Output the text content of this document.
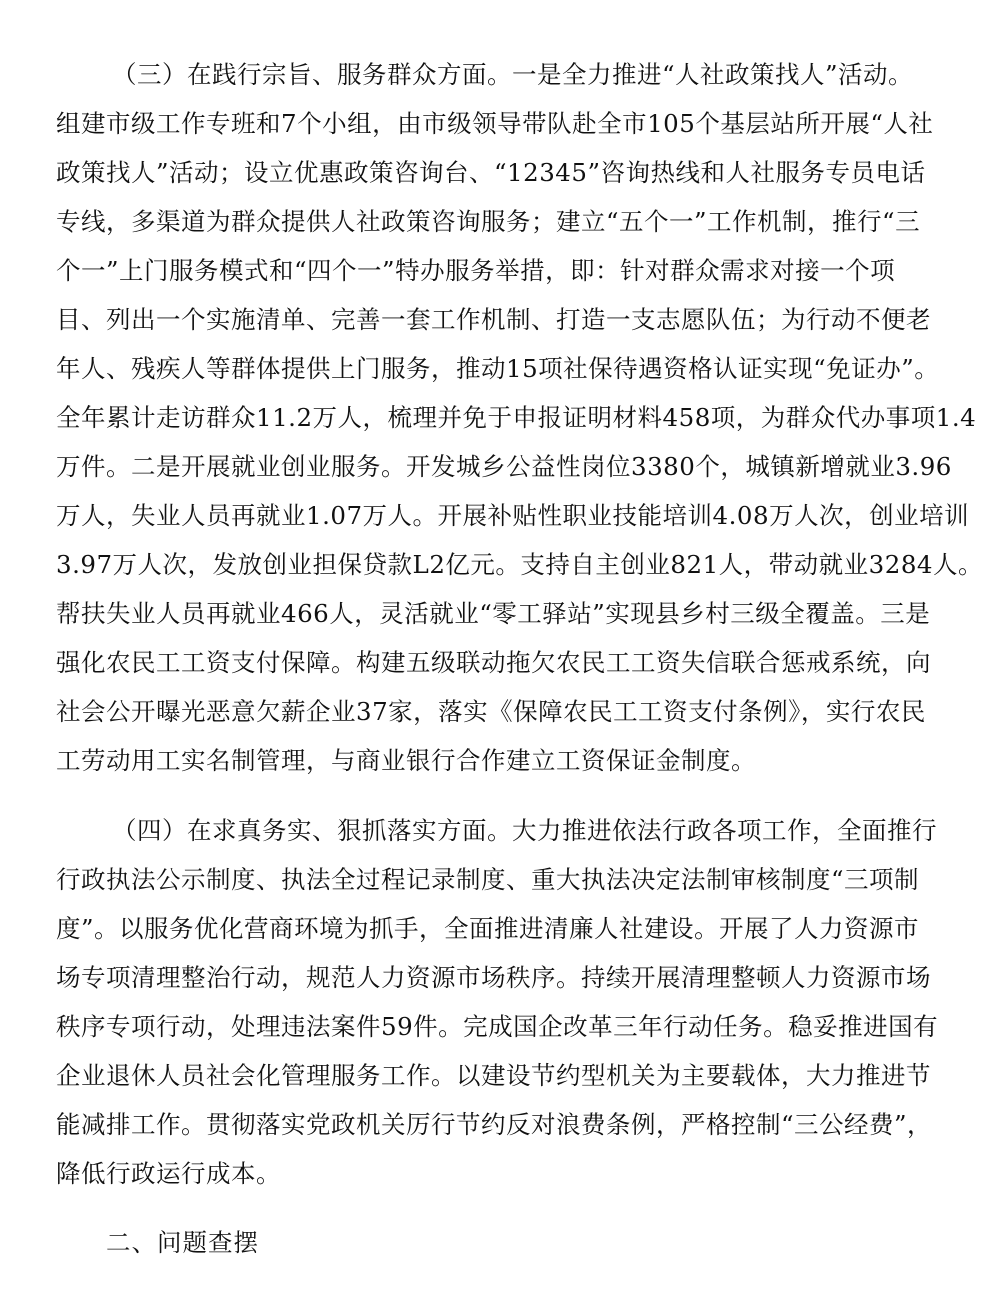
（三）在践行宗旨、服务群众方面。一是全力推进“人社政策找人”活动。
组建市级工作专班和7个小组，由市级领导带队赴全市105个基层站所开展“人社
政策找人”活动；设立优惠政策咨询台、“12345”咨询热线和人社服务专员电话
专线，多渠道为群众提供人社政策咨询服务；建立“五个一”工作机制，推行“三
个一”上门服务模式和“四个一”特办服务举措，即：针对群众需求对接一个项
目、列出一个实施清单、完善一套工作机制、打造一支志愿队伍；为行动不便老
年人、残疾人等群体提供上门服务，推动15项社保待遇资格认证实现“免证办”。
全年累计走访群众11.2万人，梳理并免于申报证明材料458项，为群众代办事项1.4
万件。二是开展就业创业服务。开发城乡公益性岗位3380个，城镇新增就业3.96
万人，失业人员再就业1.07万人。开展补贴性职业技能培训4.08万人次，创业培训
3.97万人次，发放创业担保贷款L2亿元。支持自主创业821人，带动就业3284人。
帮扶失业人员再就业466人，灵活就业“零工驿站”实现县乡村三级全覆盖。三是
强化农民工工资支付保障。构建五级联动拖欠农民工工资失信联合惩戒系统，向
社会公开曝光恶意欠薪企业37家，落实《保障农民工工资支付条例》，实行农民
工劳动用工实名制管理，与商业银行合作建立工资保证金制度。
（四）在求真务实、狠抓落实方面。大力推进依法行政各项工作，全面推行
行政执法公示制度、执法全过程记录制度、重大执法决定法制审核制度“三项制
度”。以服务优化营商环境为抓手，全面推进清廉人社建设。开展了人力资源市
场专项清理整治行动，规范人力资源市场秩序。持续开展清理整顿人力资源市场
秩序专项行动，处理违法案件59件。完成国企改革三年行动任务。稳妥推进国有
企业退休人员社会化管理服务工作。以建设节约型机关为主要载体，大力推进节
能减排工作。贯彻落实党政机关厉行节约反对浪费条例，严格控制“三公经费”，
降低行政运行成本。
二、问题查摆
